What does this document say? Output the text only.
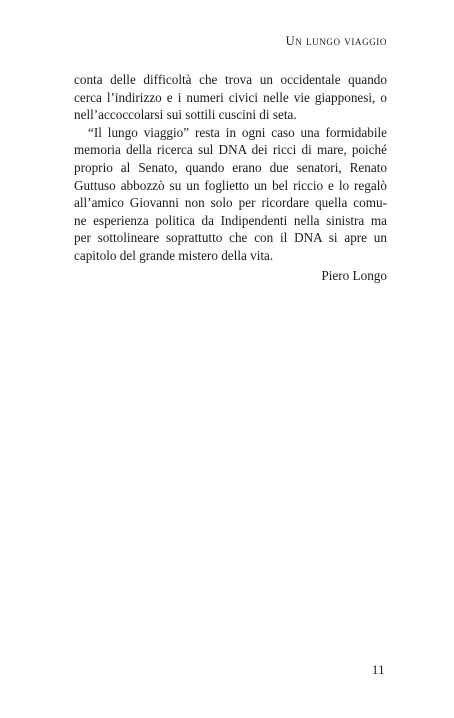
Un lungo viaggio

conta delle difficoltà che trova un occidentale quando
cerca l’indirizzo e i numeri civici nelle vie giapponesi, o
nell’accoccolarsi sui sottili cuscini di seta.

“Il lungo viaggio” resta in ogni caso una formidabile
memoria della ricerca sul DNA dei ricci di mare, poiché
proprio al Senato, quando erano due senatori, Renato
Guttuso abbozzò su un foglietto un bel riccio e lo regalò
all’amico Giovanni non solo per ricordare quella comu-
ne esperienza politica da Indipendenti nella sinistra ma
per sottolineare soprattutto che con il DNA si apre un
capitolo del grande mistero della vita.

Piero Longo
11
